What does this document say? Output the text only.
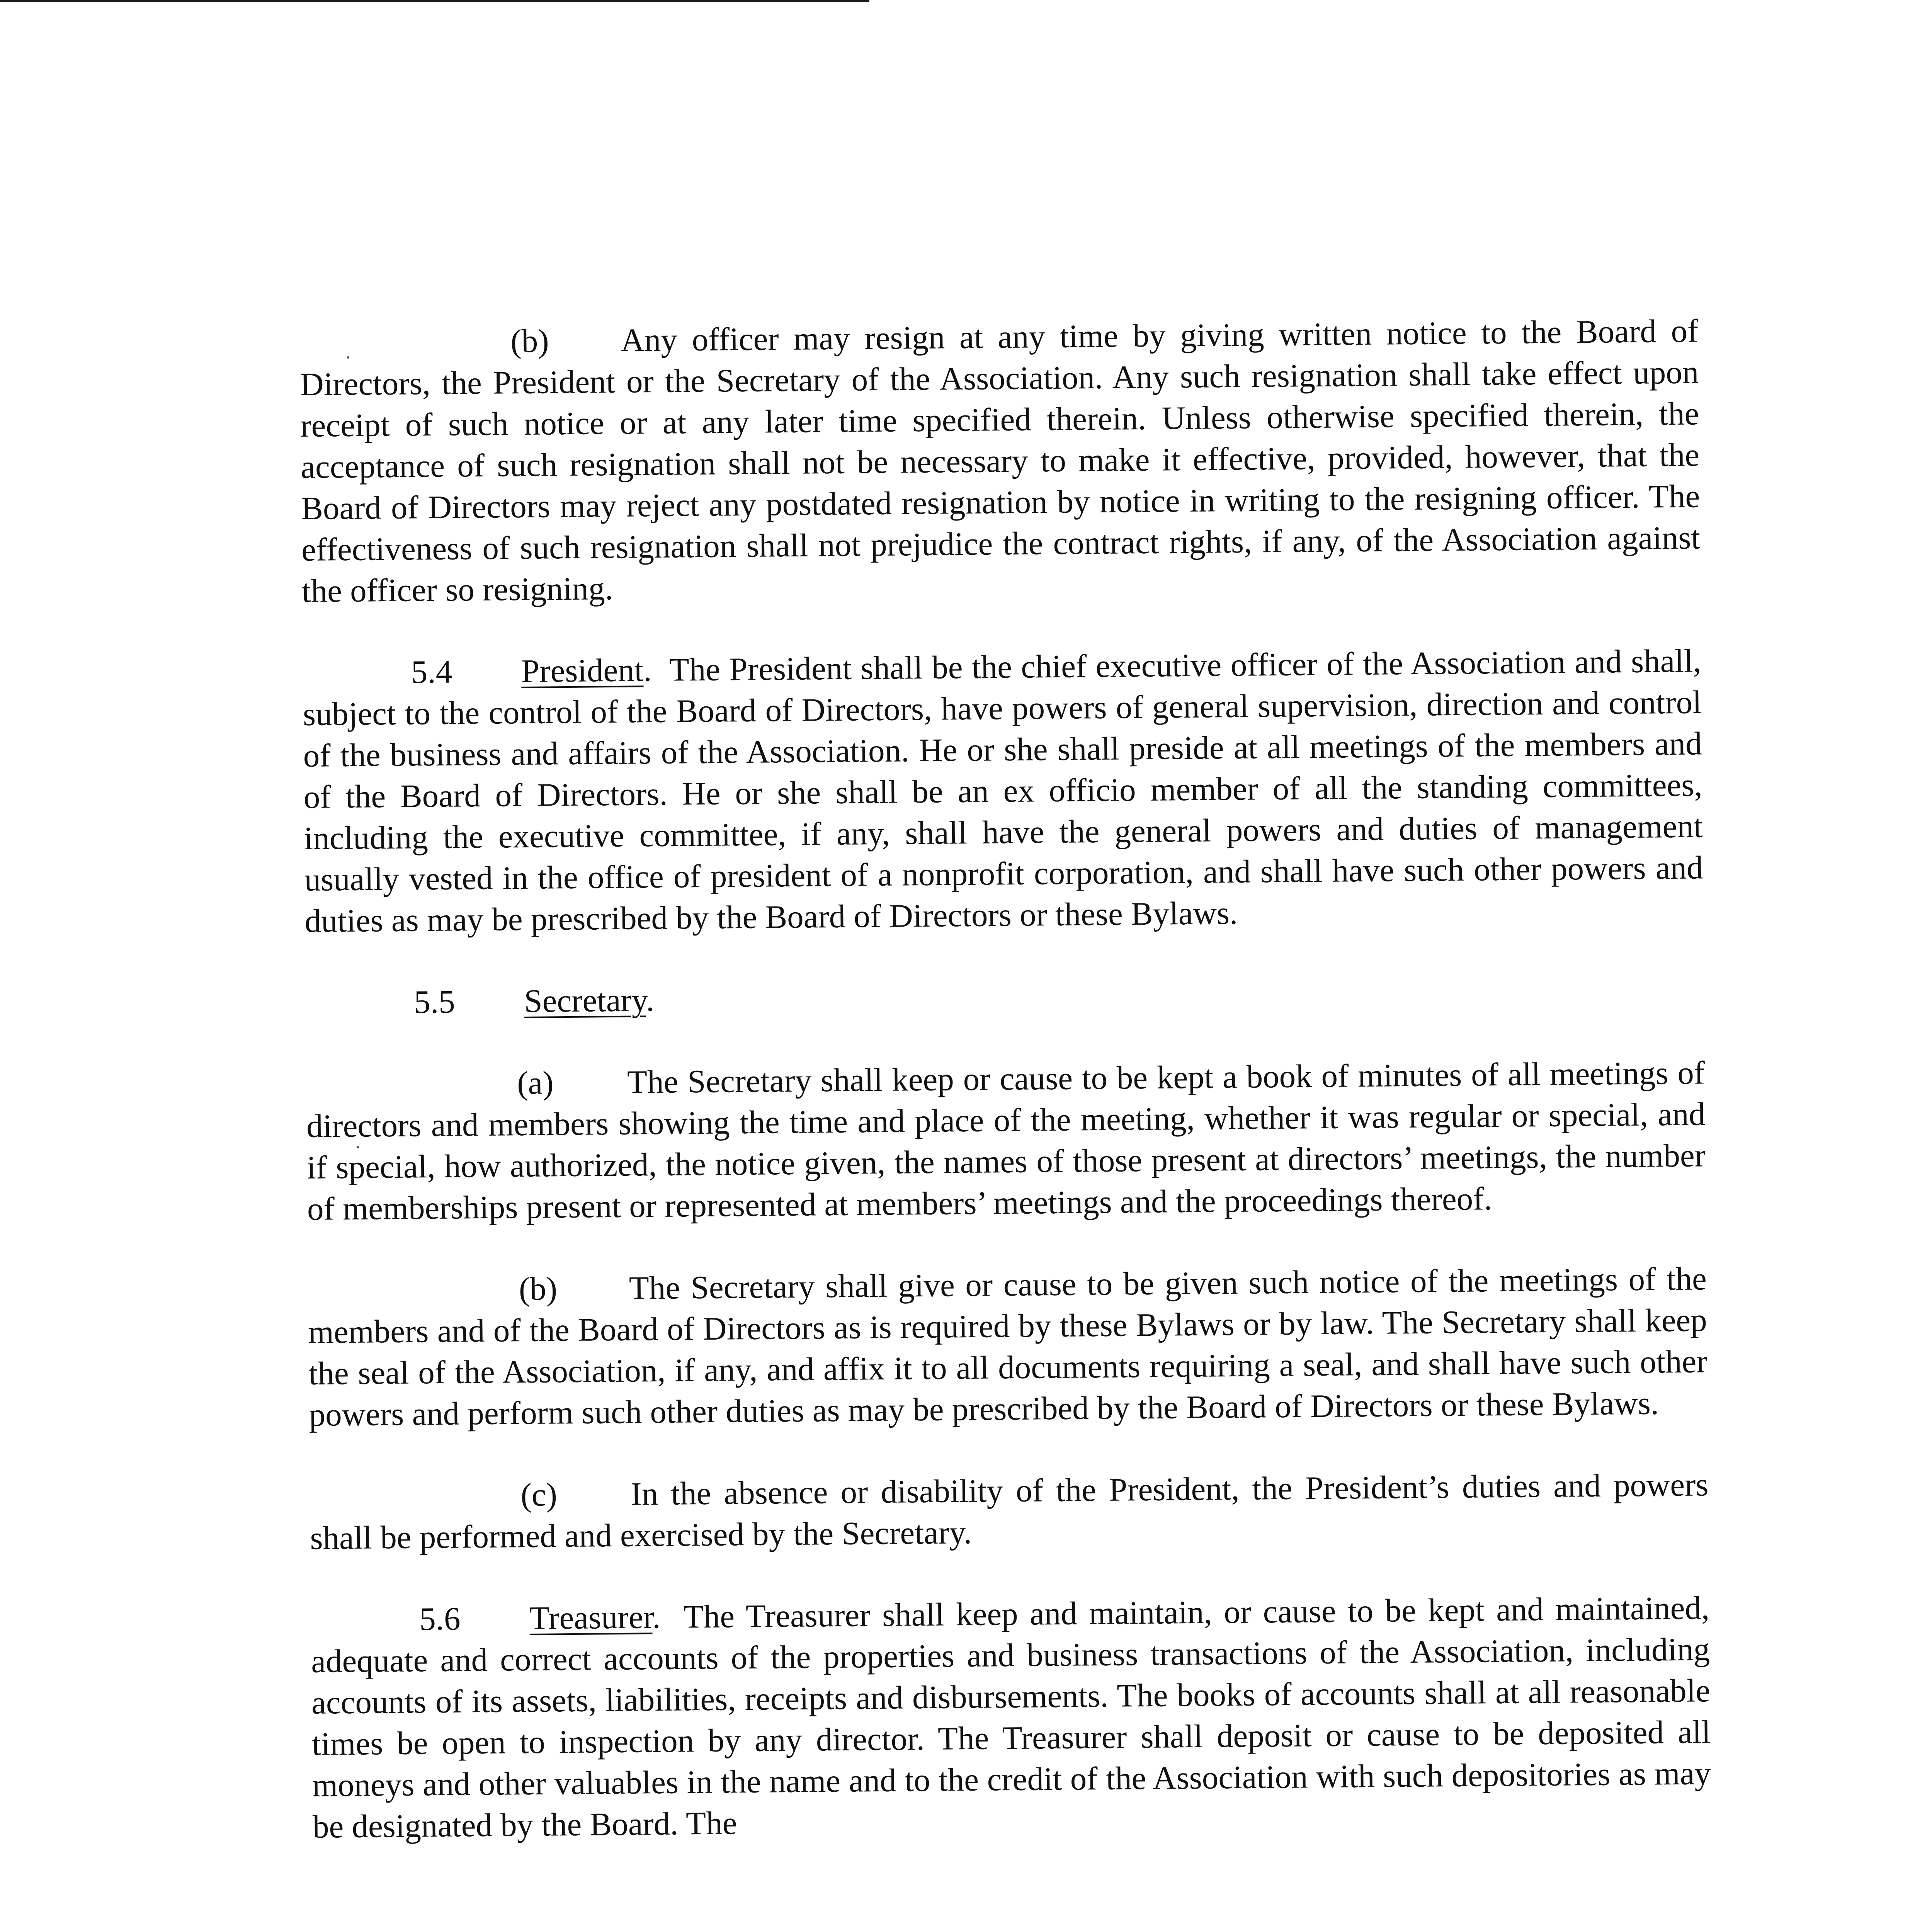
(b) Any officer may resign at any time by giving written notice to the Board of Directors, the President or the Secretary of the Association. Any such resignation shall take effect upon receipt of such notice or at any later time specified therein. Unless otherwise specified therein, the acceptance of such resignation shall not be necessary to make it effective, provided, however, that the Board of Directors may reject any postdated resignation by notice in writing to the resigning officer. The effectiveness of such resignation shall not prejudice the contract rights, if any, of the Association against the officer so resigning.

5.4 President.  The President shall be the chief executive officer of the Association and shall, subject to the control of the Board of Directors, have powers of general supervision, direction and control of the business and affairs of the Association. He or she shall preside at all meetings of the members and of the Board of Directors. He or she shall be an ex officio member of all the standing committees, including the executive committee, if any, shall have the general powers and duties of management usually vested in the office of president of a nonprofit corporation, and shall have such other powers and duties as may be prescribed by the Board of Directors or these Bylaws.

5.5 Secretary.

(a) The Secretary shall keep or cause to be kept a book of minutes of all meetings of directors and members showing the time and place of the meeting, whether it was regular or special, and if special, how authorized, the notice given, the names of those present at directors’ meetings, the number of memberships present or represented at members’ meetings and the proceedings thereof.

(b) The Secretary shall give or cause to be given such notice of the meetings of the members and of the Board of Directors as is required by these Bylaws or by law. The Secretary shall keep the seal of the Association, if any, and affix it to all documents requiring a seal, and shall have such other powers and perform such other duties as may be prescribed by the Board of Directors or these Bylaws.

(c) In the absence or disability of the President, the President’s duties and powers shall be performed and exercised by the Secretary.

5.6 Treasurer.  The Treasurer shall keep and maintain, or cause to be kept and maintained, adequate and correct accounts of the properties and business transactions of the Association, including accounts of its assets, liabilities, receipts and disbursements. The books of accounts shall at all reasonable times be open to inspection by any director. The Treasurer shall deposit or cause to be deposited all moneys and other valuables in the name and to the credit of the Association with such depositories as may be designated by the Board. The
